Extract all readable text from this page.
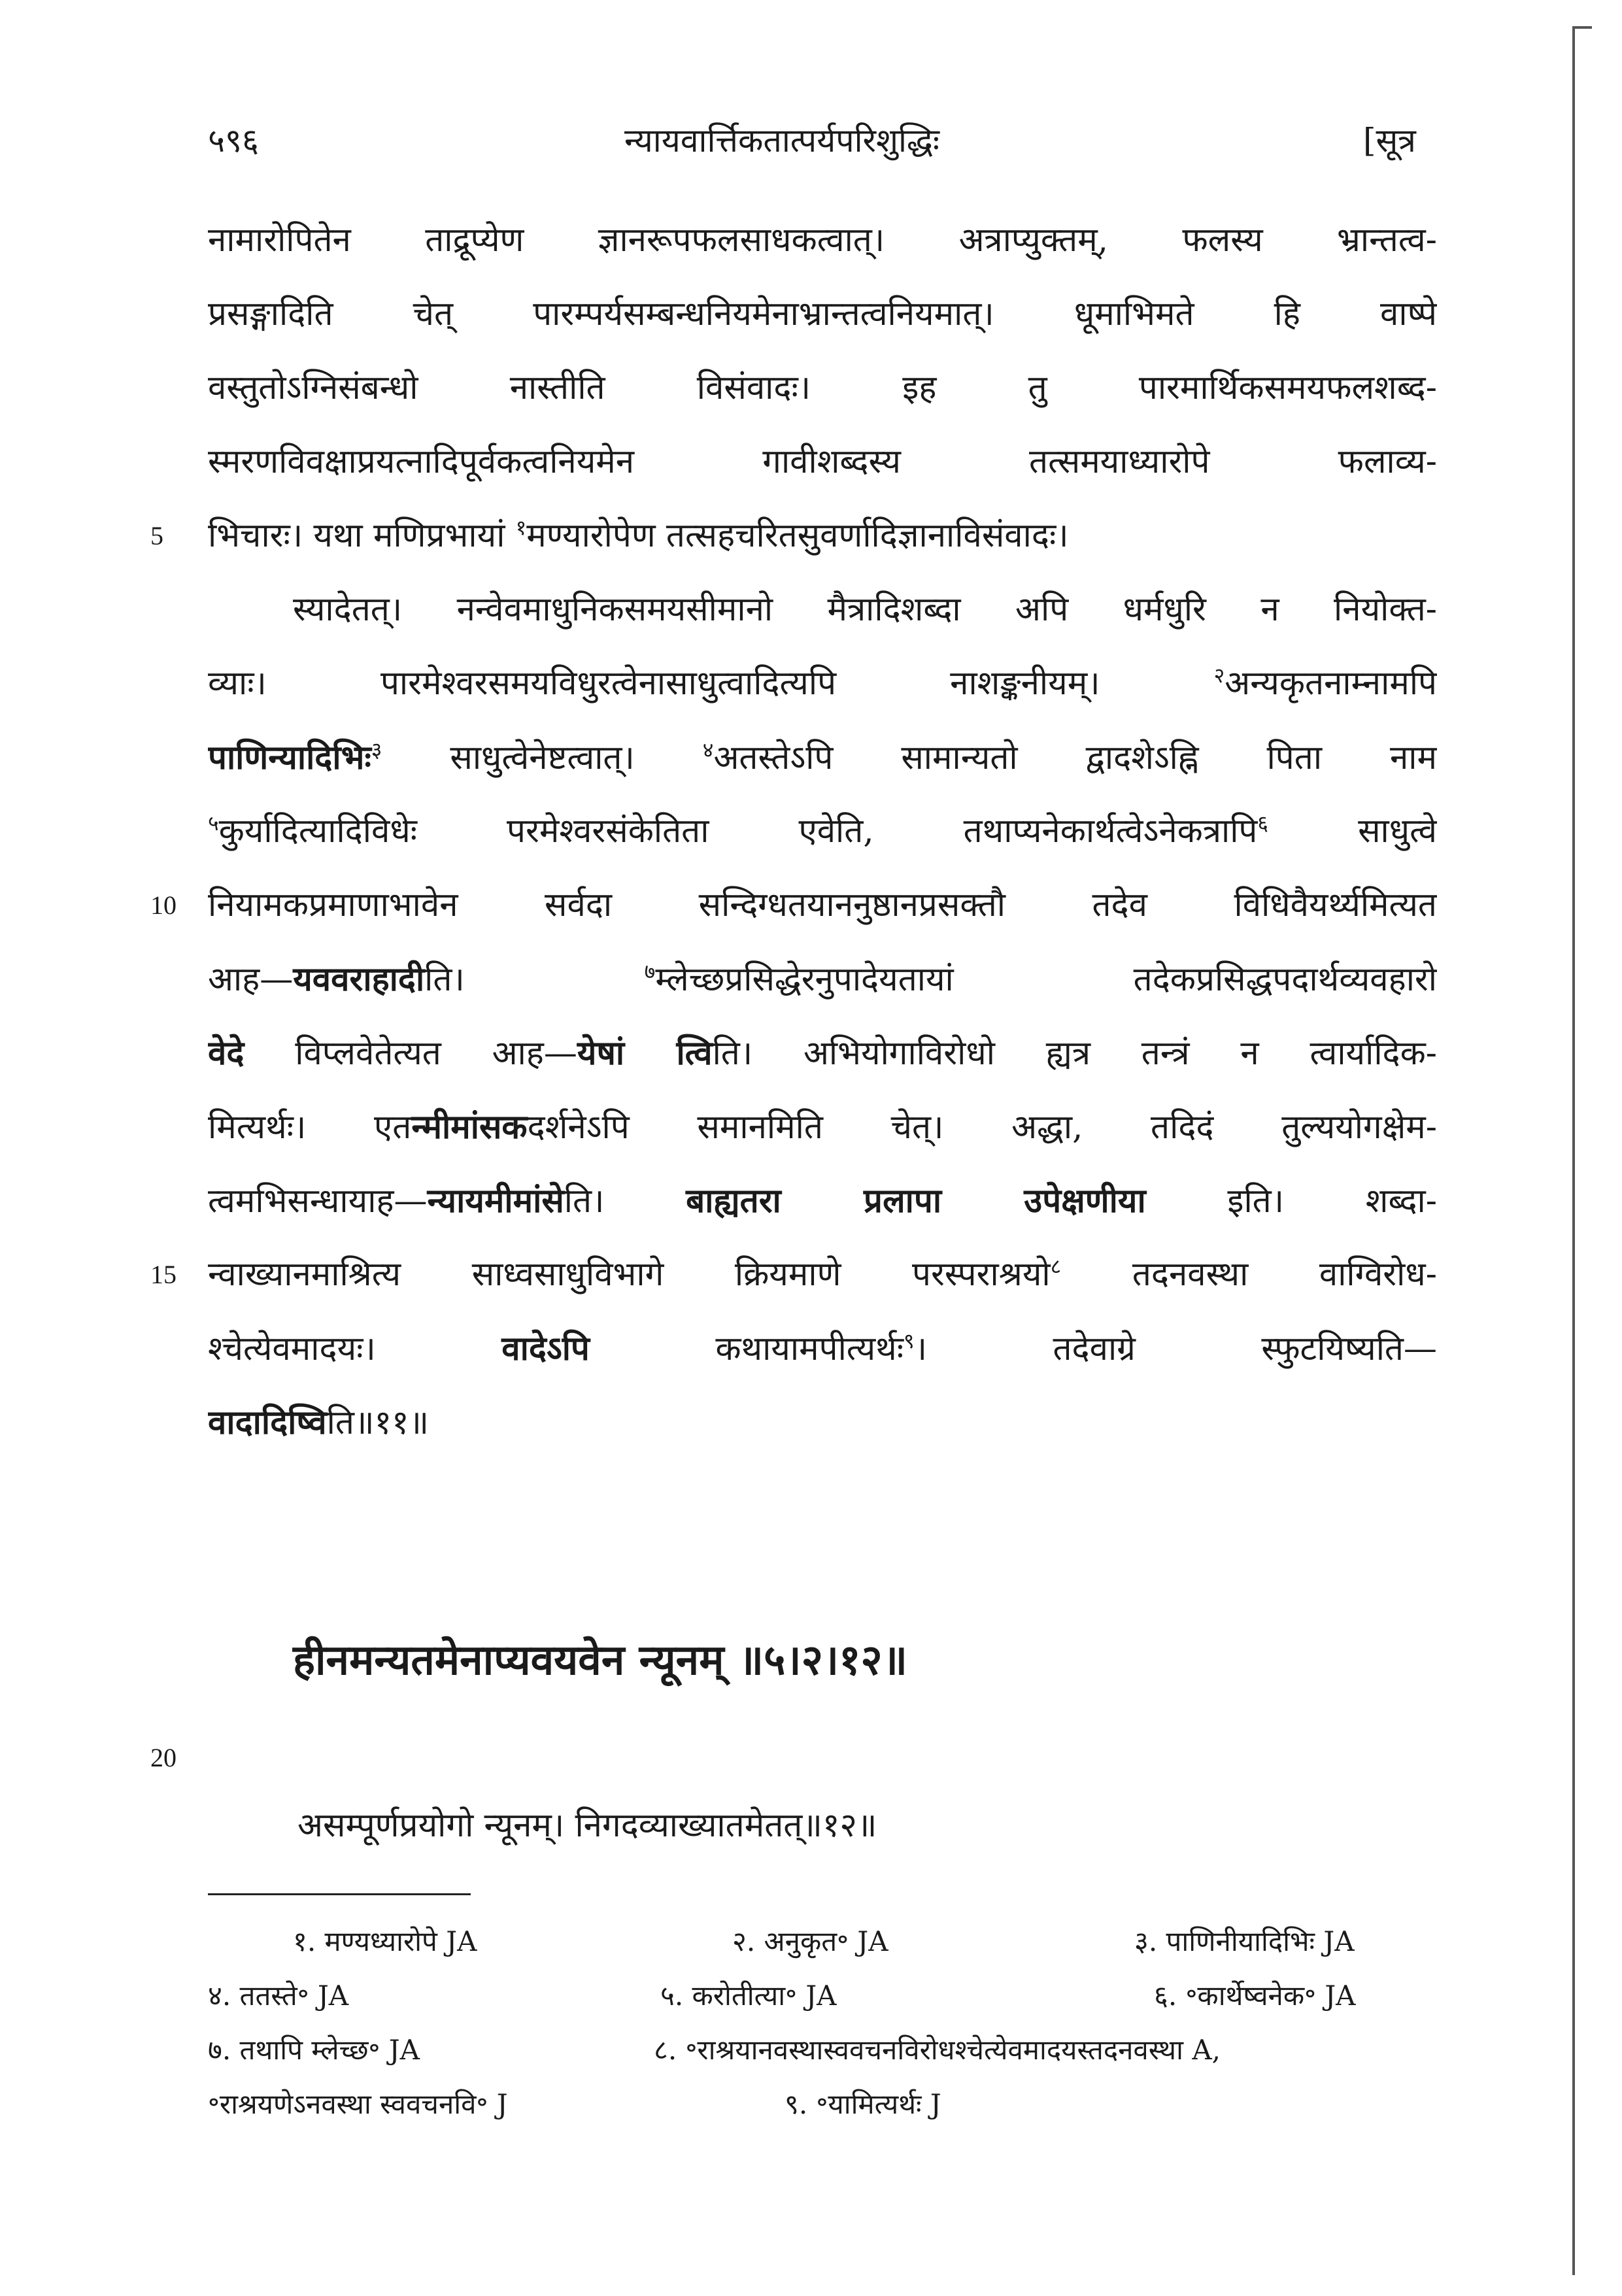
५९६	न्यायवार्त्तिकतात्पर्यपरिशुद्धिः	[सूत्र
नामारोपितेन ताद्रूप्येण ज्ञानरूपफलसाधकत्वात्। अत्राप्युक्तम्, फलस्य भ्रान्तत्व-
प्रसङ्गादिति चेत् पारम्पर्यसम्बन्धनियमेनाभ्रान्तत्वनियमात्। धूमाभिमते हि वाष्पे
वस्तुतोऽग्निसंबन्धो नास्तीति विसंवादः। इह तु पारमार्थिकसमयफलशब्द-
स्मरणविवक्षाप्रयत्नादिपूर्वकत्वनियमेन गावीशब्दस्य तत्समयाध्यारोपे फलाव्य-
5 भिचारः। यथा मणिप्रभायां $^१$मण्यारोपेण तत्सहचरितसुवर्णादिज्ञानाविसंवादः।
स्यादेतत्। नन्वेवमाधुनिकसमयसीमानो मैत्रादिशब्दा अपि धर्मधुरि न नियोक्त-
व्याः। पारमेश्वरसमयविधुरत्वेनासाधुत्वादित्यपि नाशङ्कनीयम्।	$^२$अन्यकृतनाम्नामपि
पाणिन्यादिभिः$^३$ साधुत्वेनेष्टत्वात्।	$^४$अतस्तेऽपि सामान्यतो द्वादशेऽह्नि पिता नाम
$^५$कुर्यादित्यादिविधेः परमेश्वरसंकेतिता एवेति, तथाप्यनेकार्थत्वेऽनेकत्रापि$^६$	साधुत्वे
10 नियामकप्रमाणाभावेन सर्वदा सन्दिग्धतयाननुष्ठानप्रसक्तौ तदेव विधिवैयर्थ्यमित्यत
आह—यववराहादीति।	$^७$म्लेच्छप्रसिद्धेरनुपादेयतायां तदेकप्रसिद्धपदार्थव्यवहारो
वेदे विप्लवेतेत्यत आह—येषां त्विति। अभियोगाविरोधो ह्यत्र तन्त्रं न त्वार्यादिक-
मित्यर्थः। एतन्मीमांसकदर्शनेऽपि समानमिति चेत्। अद्धा, तदिदं तुल्ययोगक्षेम-
त्वमभिसन्धायाह—न्यायमीमांसेति। बाह्यतरा प्रलापा उपेक्षणीया इति। शब्दा-
15 न्वाख्यानमाश्रित्य साध्वसाधुविभागे क्रियमाणे परस्पराश्रयो$^८$ तदनवस्था वाग्विरोध-
श्चेत्येवमादयः।	वादेऽपि	कथायामपीत्यर्थः$^९$। तदेवाग्रे स्फुटयिष्यति—
वादादिष्विति॥११॥
हीनमन्यतमेनाप्यवयवेन न्यूनम् ॥५।२।१२॥
20
असम्पूर्णप्रयोगो न्यूनम्। निगदव्याख्यातमेतत्॥१२॥
१. मण्यध्यारोपे JA	२. अनुकृत॰ JA	३. पाणिनीयादिभिः JA
४. ततस्ते॰ JA	५. करोतीत्या॰ JA	६. ॰कार्थेष्वनेक॰ JA
७. तथापि म्लेच्छ॰ JA	८. ॰राश्रयानवस्थास्ववचनविरोधश्चेत्येवमादयस्तदनवस्था A,
॰राश्रयणेऽनवस्था स्ववचनवि॰ J	९. ॰यामित्यर्थः J
